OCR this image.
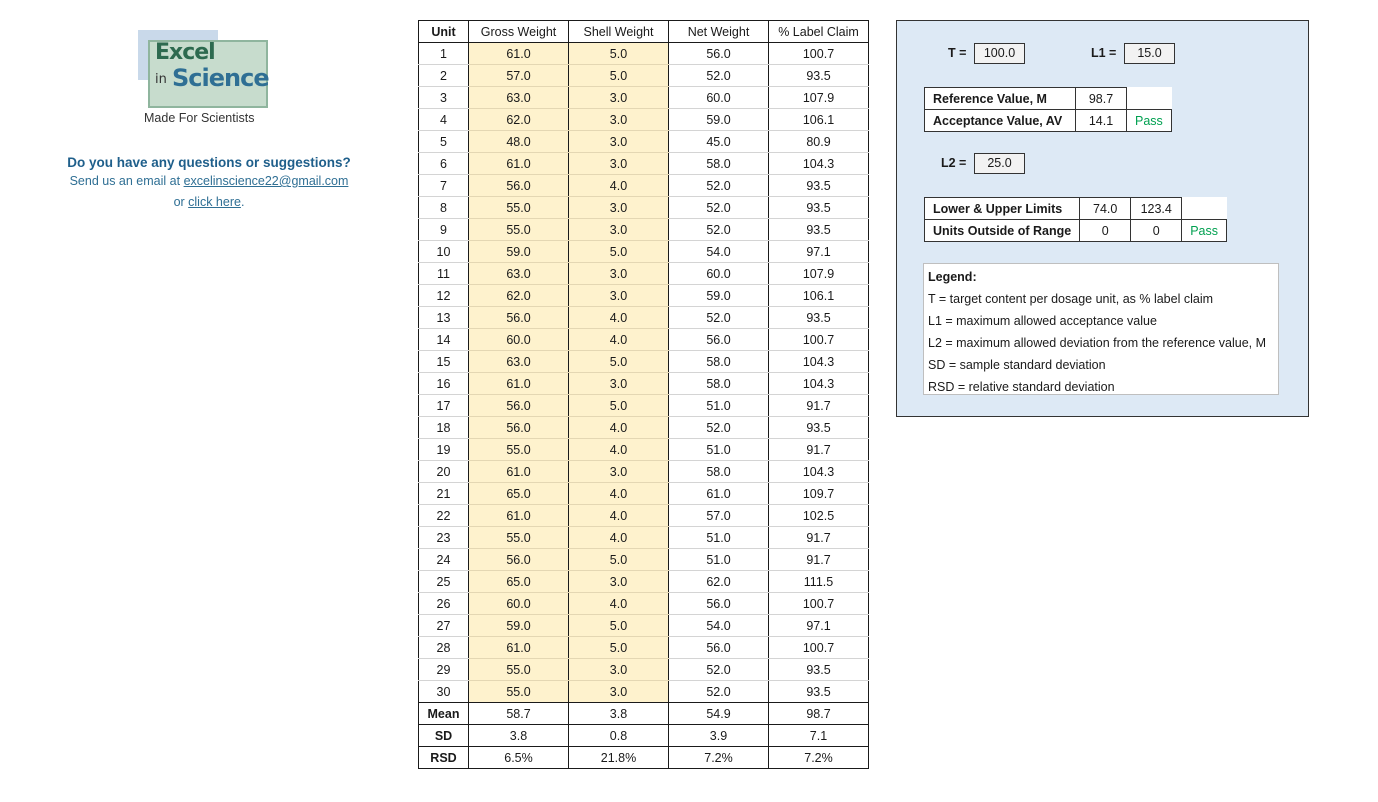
Excel
in Science
Made For Scientists
Do you have any questions or suggestions?
Send us an email at excelinscience22@gmail.com
or click here.
Unit	Gross Weight	Shell Weight	Net Weight	% Label Claim
1	61.0	5.0	56.0	100.7
2	57.0	5.0	52.0	93.5
3	63.0	3.0	60.0	107.9
4	62.0	3.0	59.0	106.1
5	48.0	3.0	45.0	80.9
6	61.0	3.0	58.0	104.3
7	56.0	4.0	52.0	93.5
8	55.0	3.0	52.0	93.5
9	55.0	3.0	52.0	93.5
10	59.0	5.0	54.0	97.1
11	63.0	3.0	60.0	107.9
12	62.0	3.0	59.0	106.1
13	56.0	4.0	52.0	93.5
14	60.0	4.0	56.0	100.7
15	63.0	5.0	58.0	104.3
16	61.0	3.0	58.0	104.3
17	56.0	5.0	51.0	91.7
18	56.0	4.0	52.0	93.5
19	55.0	4.0	51.0	91.7
20	61.0	3.0	58.0	104.3
21	65.0	4.0	61.0	109.7
22	61.0	4.0	57.0	102.5
23	55.0	4.0	51.0	91.7
24	56.0	5.0	51.0	91.7
25	65.0	3.0	62.0	111.5
26	60.0	4.0	56.0	100.7
27	59.0	5.0	54.0	97.1
28	61.0	5.0	56.0	100.7
29	55.0	3.0	52.0	93.5
30	55.0	3.0	52.0	93.5
Mean	58.7	3.8	54.9	98.7
SD	3.8	0.8	3.9	7.1
RSD	6.5%	21.8%	7.2%	7.2%
T =	100.0	L1 =	15.0
Reference Value, M	98.7	
Acceptance Value, AV	14.1	Pass
L2 =	25.0
Lower & Upper Limits	74.0	123.4	
Units Outside of Range	0	0	Pass
Legend:
T = target content per dosage unit, as % label claim
L1 = maximum allowed acceptance value
L2 = maximum allowed deviation from the reference value, M
SD = sample standard deviation
RSD = relative standard deviation
